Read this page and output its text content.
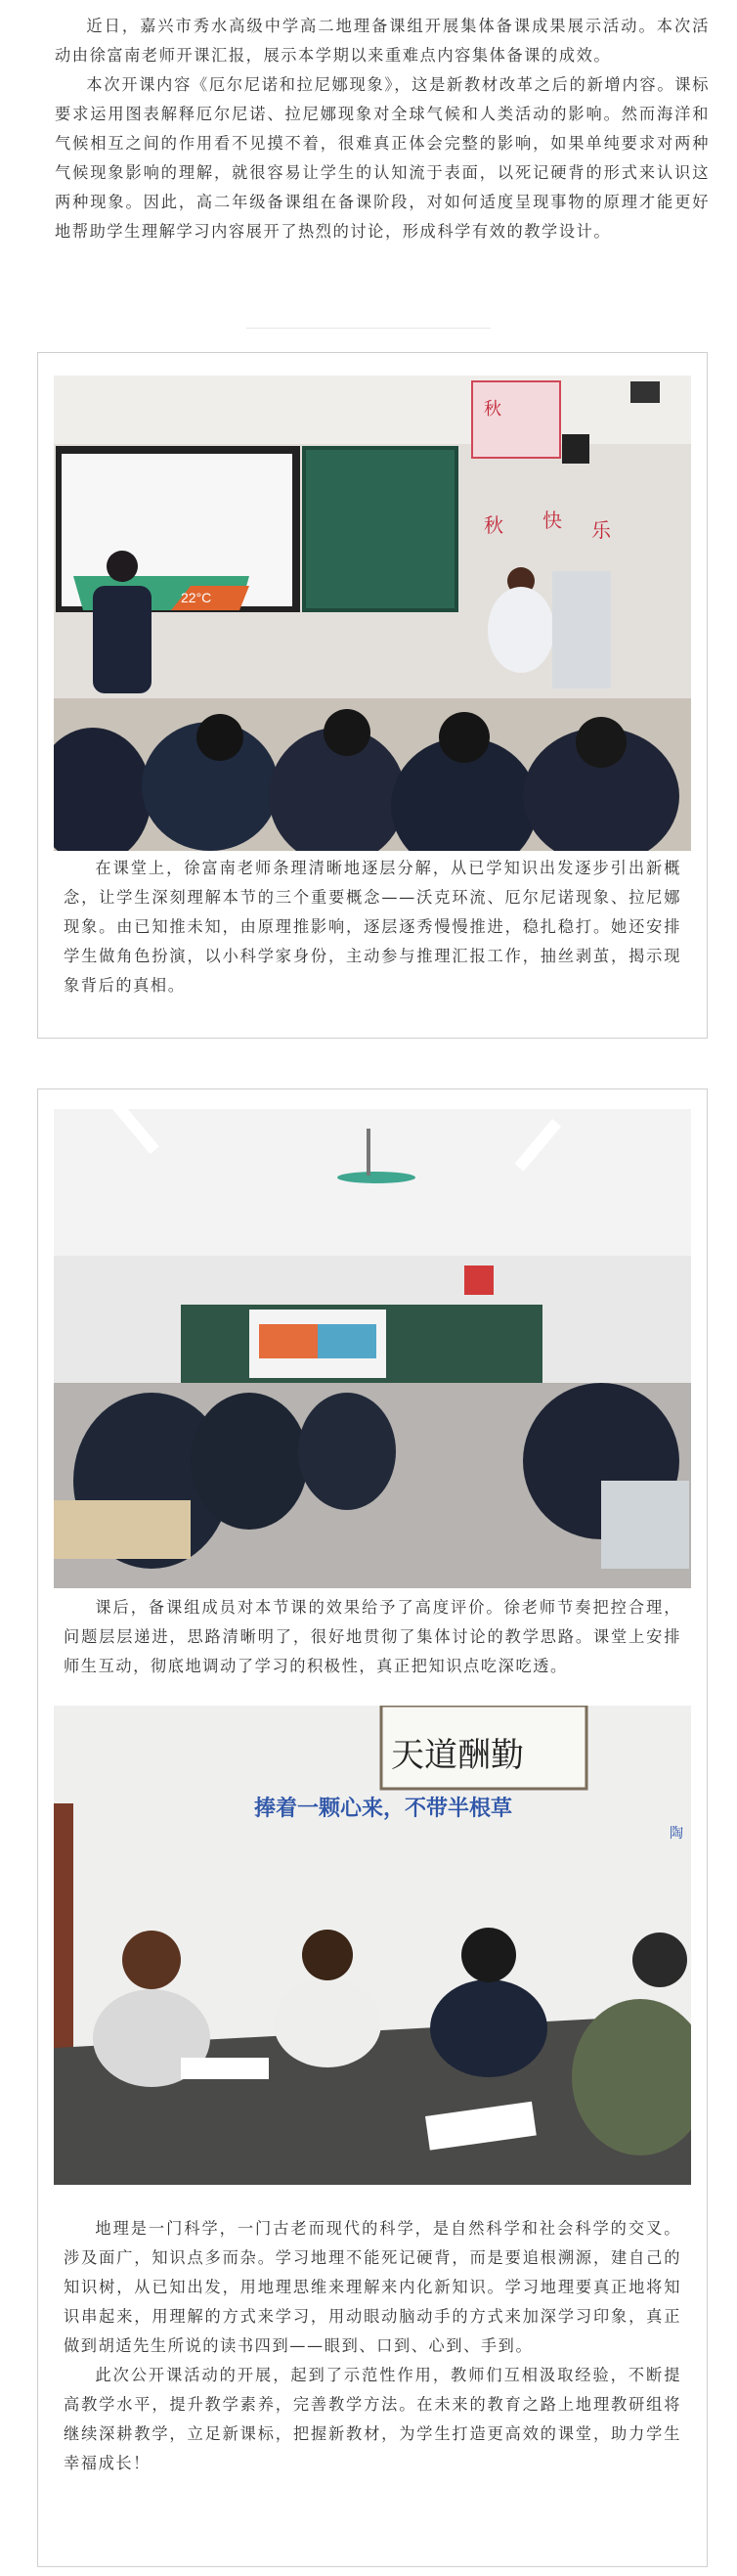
近日，嘉兴市秀水高级中学高二地理备课组开展集体备课成果展示活动。本次活动由徐富南老师开课汇报，展示本学期以来重难点内容集体备课的成效。

本次开课内容《厄尔尼诺和拉尼娜现象》，这是新教材改革之后的新增内容。课标要求运用图表解释厄尔尼诺、拉尼娜现象对全球气候和人类活动的影响。然而海洋和气候相互之间的作用看不见摸不着，很难真正体会完整的影响，如果单纯要求对两种气候现象影响的理解，就很容易让学生的认知流于表面，以死记硬背的形式来认识这两种现象。因此，高二年级备课组在备课阶段，对如何适度呈现事物的原理才能更好地帮助学生理解学习内容展开了热烈的讨论，形成科学有效的教学设计。

22°C
秋
秋 快 乐

在课堂上，徐富南老师条理清晰地逐层分解，从已学知识出发逐步引出新概念，让学生深刻理解本节的三个重要概念——沃克环流、厄尔尼诺现象、拉尼娜现象。由已知推未知，由原理推影响，逐层逐秀慢慢推进，稳扎稳打。她还安排学生做角色扮演，以小科学家身份，主动参与推理汇报工作，抽丝剥茧，揭示现象背后的真相。

课后，备课组成员对本节课的效果给予了高度评价。徐老师节奏把控合理，问题层层递进，思路清晰明了，很好地贯彻了集体讨论的教学思路。课堂上安排师生互动，彻底地调动了学习的积极性，真正把知识点吃深吃透。

天道酬勤
捧着一颗心来，不带半根草
陶

地理是一门科学，一门古老而现代的科学，是自然科学和社会科学的交叉。涉及面广，知识点多而杂。学习地理不能死记硬背，而是要追根溯源，建自己的知识树，从已知出发，用地理思维来理解来内化新知识。学习地理要真正地将知识串起来，用理解的方式来学习，用动眼动脑动手的方式来加深学习印象，真正做到胡适先生所说的读书四到——眼到、口到、心到、手到。

此次公开课活动的开展，起到了示范性作用，教师们互相汲取经验，不断提高教学水平，提升教学素养，完善教学方法。在未来的教育之路上地理教研组将继续深耕教学，立足新课标，把握新教材，为学生打造更高效的课堂，助力学生幸福成长！
